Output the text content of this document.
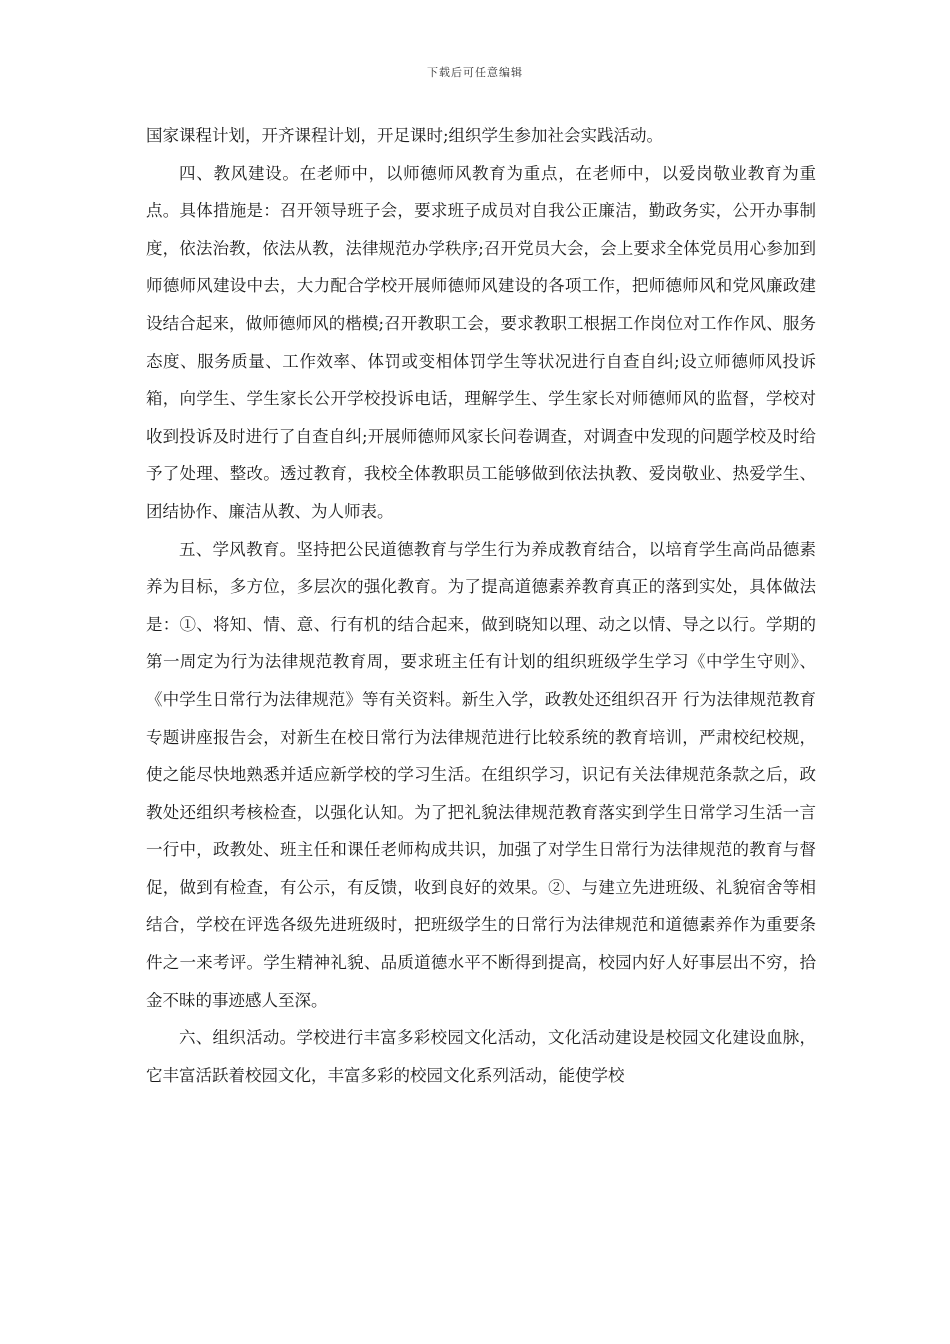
下载后可任意编辑

国家课程计划，开齐课程计划，开足课时;组织学生参加社会实践活动。

四、教风建设。在老师中，以师德师风教育为重点，在老师中，以爱岗敬业教育为重点。具体措施是：召开领导班子会，要求班子成员对自我公正廉洁，勤政务实，公开办事制度，依法治教，依法从教，法律规范办学秩序;召开党员大会，会上要求全体党员用心参加到师德师风建设中去，大力配合学校开展师德师风建设的各项工作，把师德师风和党风廉政建设结合起来，做师德师风的楷模;召开教职工会，要求教职工根据工作岗位对工作作风、服务态度、服务质量、工作效率、体罚或变相体罚学生等状况进行自查自纠;设立师德师风投诉箱，向学生、学生家长公开学校投诉电话，理解学生、学生家长对师德师风的监督，学校对收到投诉及时进行了自查自纠;开展师德师风家长问卷调查，对调查中发现的问题学校及时给予了处理、整改。透过教育，我校全体教职员工能够做到依法执教、爱岗敬业、热爱学生、团结协作、廉洁从教、为人师表。

五、学风教育。坚持把公民道德教育与学生行为养成教育结合，以培育学生高尚品德素养为目标，多方位，多层次的强化教育。为了提高道德素养教育真正的落到实处，具体做法是：①、将知、情、意、行有机的结合起来，做到晓知以理、动之以情、导之以行。学期的第一周定为行为法律规范教育周，要求班主任有计划的组织班级学生学习《中学生守则》、《中学生日常行为法律规范》等有关资料。新生入学，政教处还组织召开 行为法律规范教育 专题讲座报告会，对新生在校日常行为法律规范进行比较系统的教育培训，严肃校纪校规，使之能尽快地熟悉并适应新学校的学习生活。在组织学习，识记有关法律规范条款之后，政教处还组织考核检查，以强化认知。为了把礼貌法律规范教育落实到学生日常学习生活一言一行中，政教处、班主任和课任老师构成共识，加强了对学生日常行为法律规范的教育与督促，做到有检查，有公示，有反馈，收到良好的效果。②、与建立先进班级、礼貌宿舍等相结合，学校在评选各级先进班级时，把班级学生的日常行为法律规范和道德素养作为重要条件之一来考评。学生精神礼貌、品质道德水平不断得到提高，校园内好人好事层出不穷，拾金不昧的事迹感人至深。

六、组织活动。学校进行丰富多彩校园文化活动，文化活动建设是校园文化建设血脉，它丰富活跃着校园文化，丰富多彩的校园文化系列活动，能使学校
